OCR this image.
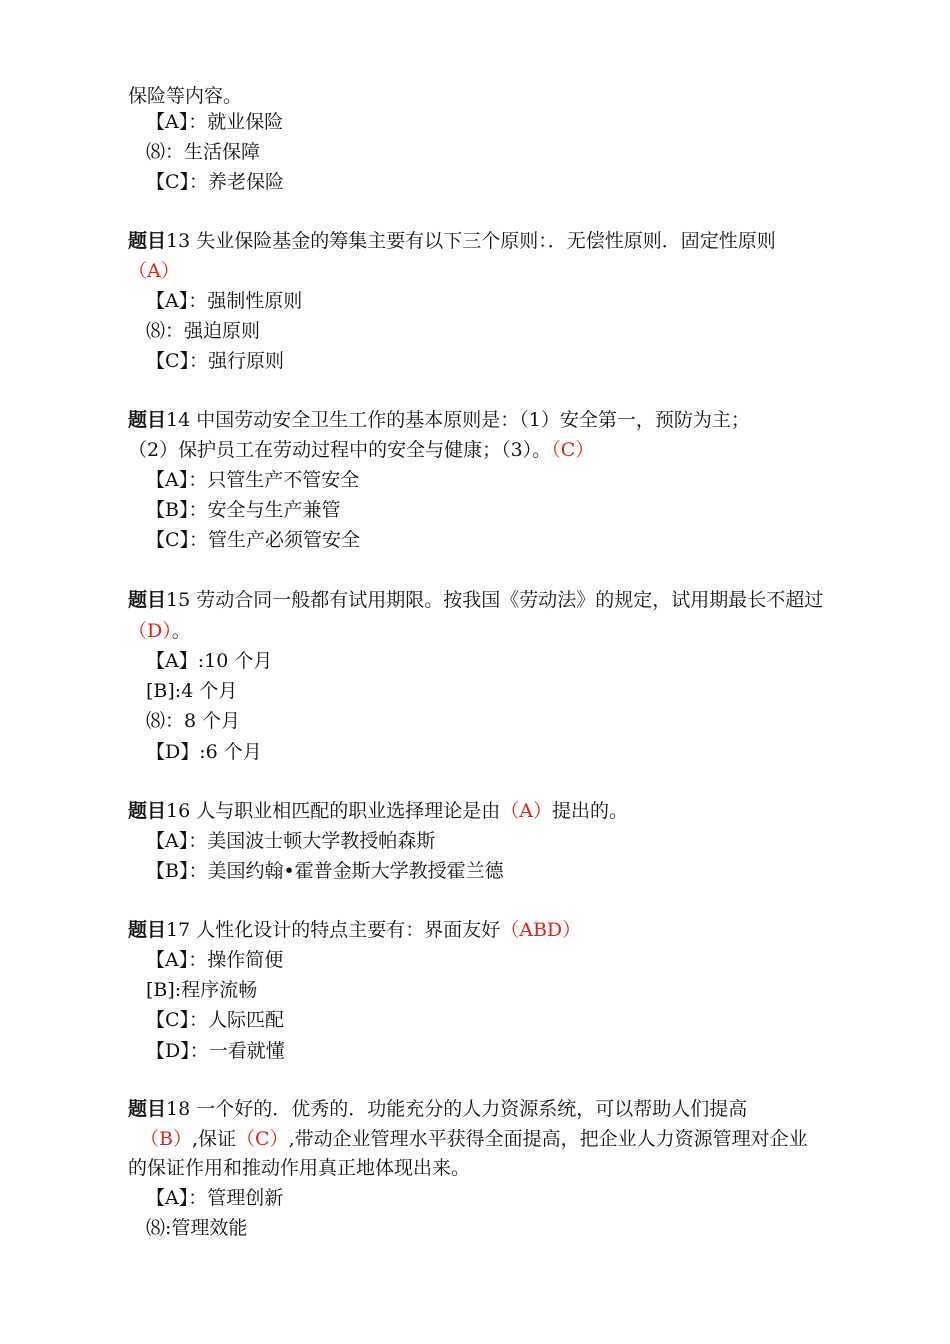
保险等内容。
【A】：就业保险
⑻：生活保障
【C】：养老保险
题目13 失业保险基金的筹集主要有以下三个原则：．无偿性原则．固定性原则
（A）
【A】：强制性原则
⑻：强迫原则
【C】：强行原则
题目14 中国劳动安全卫生工作的基本原则是：（1）安全第一，预防为主；
（2）保护员工在劳动过程中的安全与健康；（3）。（C）
【A】：只管生产不管安全
【B】：安全与生产兼管
【C】：管生产必须管安全
题目15 劳动合同一般都有试用期限。按我国《劳动法》的规定，试用期最长不超过
（D）。
【A】:10 个月
[B]:4 个月
⑻：8 个月
【D】:6 个月
题目16 人与职业相匹配的职业选择理论是由（A）提出的。
【A】：美国波士顿大学教授帕森斯
【B】：美国约翰•霍普金斯大学教授霍兰德
题目17 人性化设计的特点主要有：界面友好（ABD）
【A】：操作简便
[B]:程序流畅
【C】：人际匹配
【D】：一看就懂
题目18 一个好的．优秀的．功能充分的人力资源系统，可以帮助人们提高
（B）,保证（C）,带动企业管理水平获得全面提高，把企业人力资源管理对企业
的保证作用和推动作用真正地体现出来。
【A】：管理创新
⑻:管理效能
